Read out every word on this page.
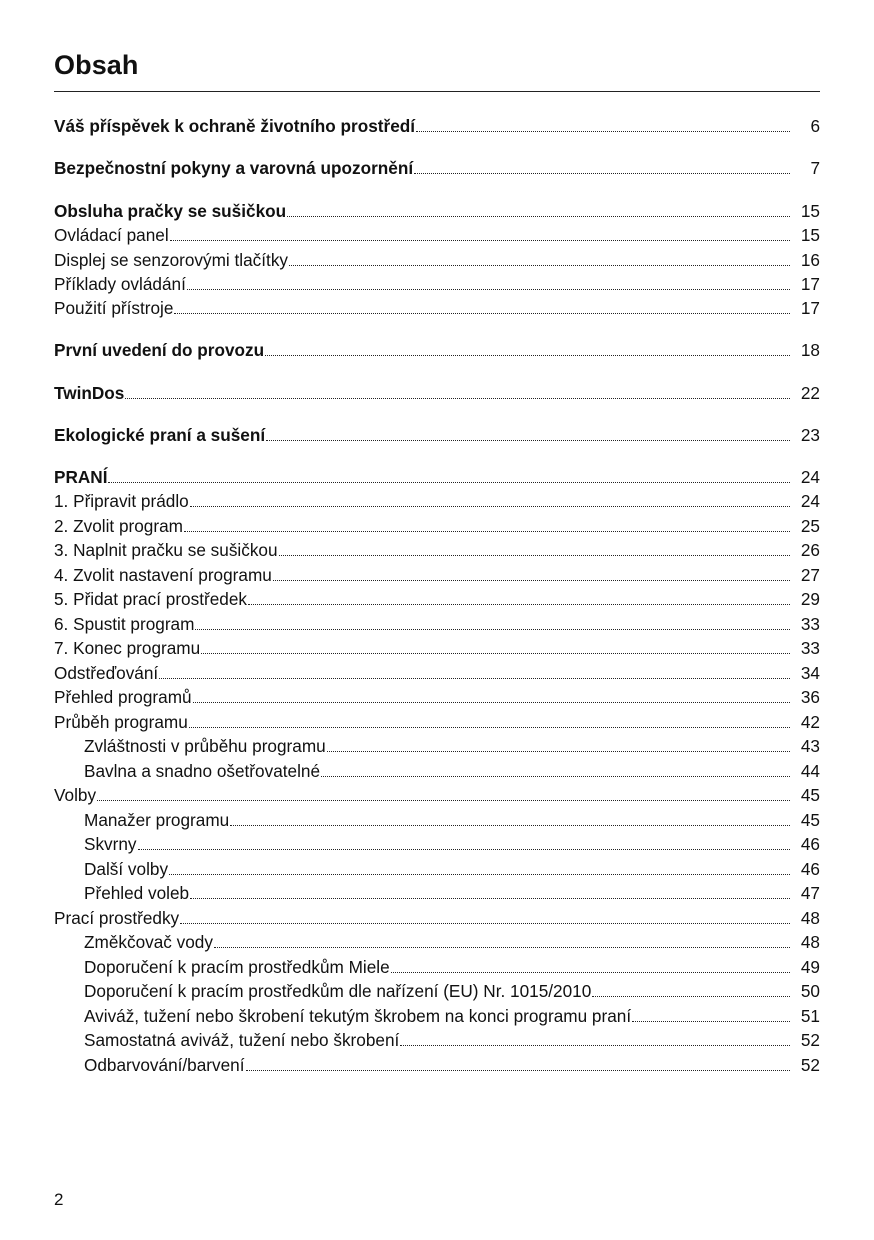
Obsah
Váš příspěvek k ochraně životního prostředí	6
Bezpečnostní pokyny a varovná upozornění	7
Obsluha pračky se sušičkou	15
Ovládací panel	15
Displej se senzorovými tlačítky	16
Příklady ovládání	17
Použití přístroje	17
První uvedení do provozu	18
TwinDos	22
Ekologické praní a sušení	23
PRANÍ	24
1. Připravit prádlo	24
2. Zvolit program	25
3. Naplnit pračku se sušičkou	26
4. Zvolit nastavení programu	27
5. Přidat prací prostředek	29
6. Spustit program	33
7. Konec programu	33
Odstřeďování	34
Přehled programů	36
Průběh programu	42
Zvláštnosti v průběhu programu	43
Bavlna a snadno ošetřovatelné	44
Volby	45
Manažer programu	45
Skvrny	46
Další volby	46
Přehled voleb	47
Prací prostředky	48
Změkčovač vody	48
Doporučení k pracím prostředkům Miele	49
Doporučení k pracím prostředkům dle nařízení (EU) Nr. 1015/2010	50
Aviváž, tužení nebo škrobení tekutým škrobem na konci programu praní	51
Samostatná aviváž, tužení nebo škrobení	52
Odbarvování/barvení	52
2
